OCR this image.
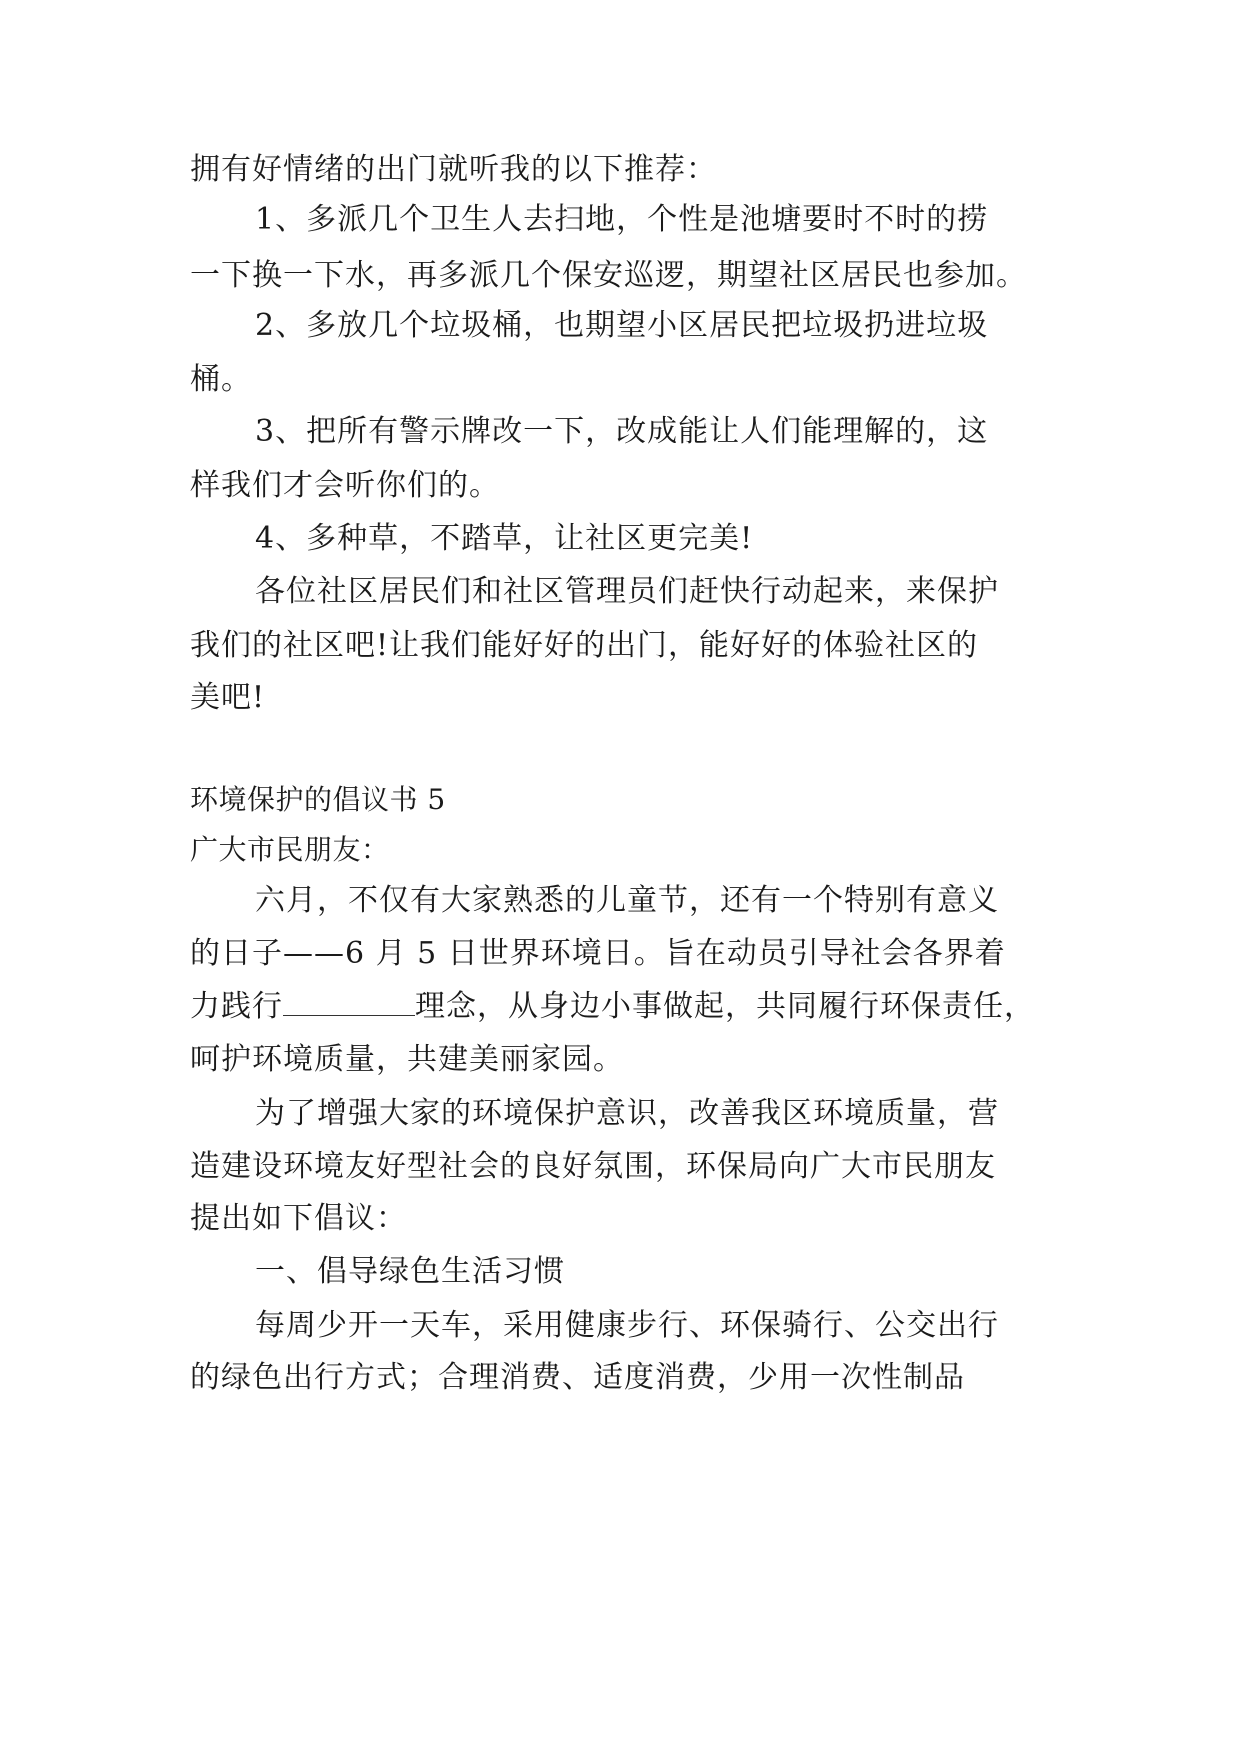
拥有好情绪的出门就听我的以下推荐：
1、多派几个卫生人去扫地，个性是池塘要时不时的捞
一下换一下水，再多派几个保安巡逻，期望社区居民也参加。
2、多放几个垃圾桶，也期望小区居民把垃圾扔进垃圾
桶。
3、把所有警示牌改一下，改成能让人们能理解的，这
样我们才会听你们的。
4、多种草，不踏草，让社区更完美!
各位社区居民们和社区管理员们赶快行动起来，来保护
我们的社区吧!让我们能好好的出门，能好好的体验社区的
美吧!
环境保护的倡议书 5
广大市民朋友：
六月，不仅有大家熟悉的儿童节，还有一个特别有意义
的日子——6 月 5 日世界环境日。旨在动员引导社会各界着
力践行	理念，从身边小事做起，共同履行环保责任，
呵护环境质量，共建美丽家园。
为了增强大家的环境保护意识，改善我区环境质量，营
造建设环境友好型社会的良好氛围，环保局向广大市民朋友
提出如下倡议：
一、倡导绿色生活习惯
每周少开一天车，采用健康步行、环保骑行、公交出行
的绿色出行方式；合理消费、适度消费，少用一次性制品
